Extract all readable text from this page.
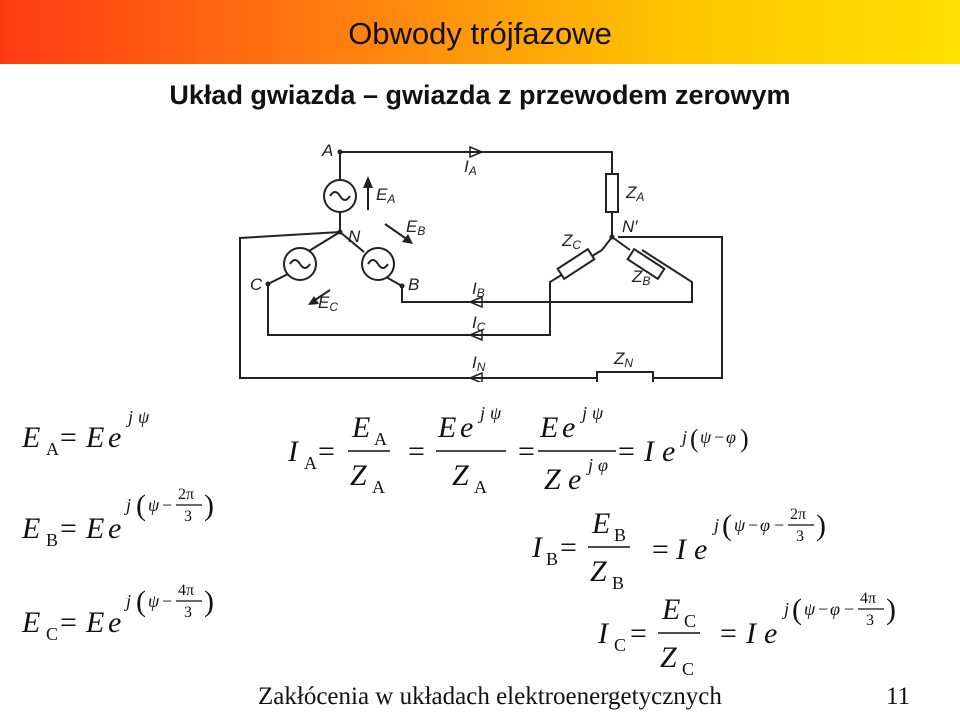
Obwody trójfazowe
Układ gwiazda – gwiazda z przewodem zerowym
A
N
B
C
N′
EA
EB
EC
IA
IB
IC
IN
ZA
ZC
ZB
ZN
E A = E e
j ψ
E B = E e
j ( ψ −
2π
3 )
E C = E e
j ( ψ −
4π
3 )
I A =
E A
Z A
=
E e j ψ
Z A
=
E e j ψ
Z e j φ = I e j ( ψ − φ )
I B =
E B
Z B
= I e
j ( ψ − φ −
2π
3 )
I C =
E C
Z C
= I e
j ( ψ − φ −
4π
3 )
Zakłócenia w układach elektroenergetycznych	11
